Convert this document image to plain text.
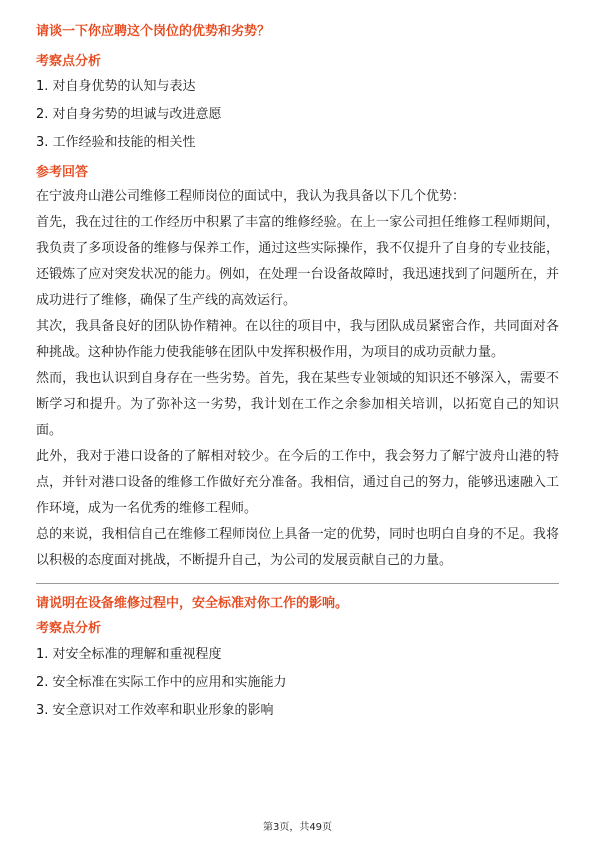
请谈一下你应聘这个岗位的优势和劣势？

考察点分析

1. 对自身优势的认知与表达

2. 对自身劣势的坦诚与改进意愿

3. 工作经验和技能的相关性

参考回答

在宁波舟山港公司维修工程师岗位的面试中，我认为我具备以下几个优势：

首先，我在过往的工作经历中积累了丰富的维修经验。在上一家公司担任维修工程师期间，我负责了多项设备的维修与保养工作，通过这些实际操作，我不仅提升了自身的专业技能，还锻炼了应对突发状况的能力。例如，在处理一台设备故障时，我迅速找到了问题所在，并成功进行了维修，确保了生产线的高效运行。

其次，我具备良好的团队协作精神。在以往的项目中，我与团队成员紧密合作，共同面对各种挑战。这种协作能力使我能够在团队中发挥积极作用，为项目的成功贡献力量。

然而，我也认识到自身存在一些劣势。首先，我在某些专业领域的知识还不够深入，需要不断学习和提升。为了弥补这一劣势，我计划在工作之余参加相关培训，以拓宽自己的知识面。

此外，我对于港口设备的了解相对较少。在今后的工作中，我会努力了解宁波舟山港的特点，并针对港口设备的维修工作做好充分准备。我相信，通过自己的努力，能够迅速融入工作环境，成为一名优秀的维修工程师。

总的来说，我相信自己在维修工程师岗位上具备一定的优势，同时也明白自身的不足。我将以积极的态度面对挑战，不断提升自己，为公司的发展贡献自己的力量。

请说明在设备维修过程中，安全标准对你工作的影响。

考察点分析

1. 对安全标准的理解和重视程度

2. 安全标准在实际工作中的应用和实施能力

3. 安全意识对工作效率和职业形象的影响

第3页，共49页
